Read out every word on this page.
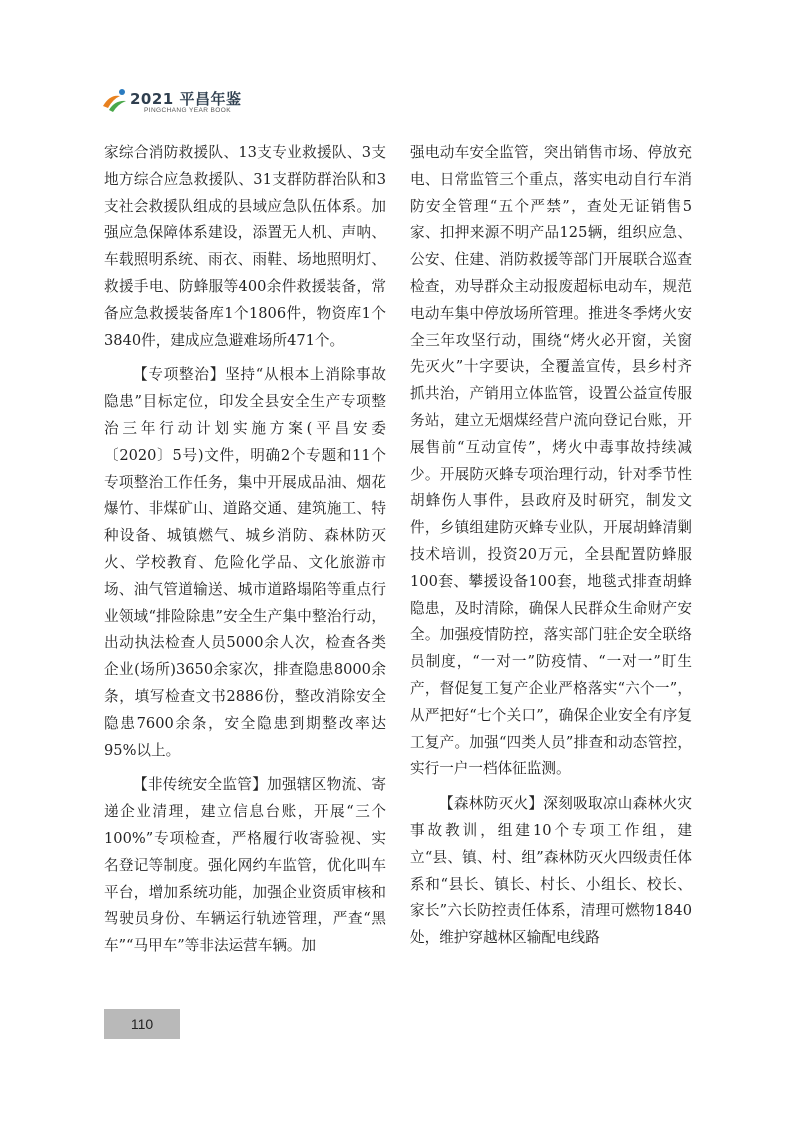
2021 平昌年鉴
PINGCHANG YEAR BOOK

家综合消防救援队、13支专业救援队、3支地方综合应急救援队、31支群防群治队和3支社会救援队组成的县域应急队伍体系。加强应急保障体系建设，添置无人机、声呐、车载照明系统、雨衣、雨鞋、场地照明灯、救援手电、防蜂服等400余件救援装备，常备应急救援装备库1个1806件，物资库1个3840件，建成应急避难场所471个。

【专项整治】坚持“从根本上消除事故隐患”目标定位，印发全县安全生产专项整治三年行动计划实施方案(平昌安委〔2020〕5号)文件，明确2个专题和11个专项整治工作任务，集中开展成品油、烟花爆竹、非煤矿山、道路交通、建筑施工、特种设备、城镇燃气、城乡消防、森林防灭火、学校教育、危险化学品、文化旅游市场、油气管道输送、城市道路塌陷等重点行业领域“排险除患”安全生产集中整治行动，出动执法检查人员5000余人次，检查各类企业(场所)3650余家次，排查隐患8000余条，填写检查文书2886份，整改消除安全隐患7600余条，安全隐患到期整改率达95%以上。

【非传统安全监管】加强辖区物流、寄递企业清理，建立信息台账，开展“三个100%”专项检查，严格履行收寄验视、实名登记等制度。强化网约车监管，优化叫车平台，增加系统功能，加强企业资质审核和驾驶员身份、车辆运行轨迹管理，严查“黑车”“马甲车”等非法运营车辆。加

强电动车安全监管，突出销售市场、停放充电、日常监管三个重点，落实电动自行车消防安全管理“五个严禁”，查处无证销售5家、扣押来源不明产品125辆，组织应急、公安、住建、消防救援等部门开展联合巡查检查，劝导群众主动报废超标电动车，规范电动车集中停放场所管理。推进冬季烤火安全三年攻坚行动，围绕“烤火必开窗，关窗先灭火”十字要诀，全覆盖宣传，县乡村齐抓共治，产销用立体监管，设置公益宣传服务站，建立无烟煤经营户流向登记台账，开展售前“互动宣传”，烤火中毒事故持续减少。开展防灭蜂专项治理行动，针对季节性胡蜂伤人事件，县政府及时研究，制发文件，乡镇组建防灭蜂专业队，开展胡蜂清剿技术培训，投资20万元，全县配置防蜂服100套、攀援设备100套，地毯式排查胡蜂隐患，及时清除，确保人民群众生命财产安全。加强疫情防控，落实部门驻企安全联络员制度，“一对一”防疫情、“一对一”盯生产，督促复工复产企业严格落实“六个一”，从严把好“七个关口”，确保企业安全有序复工复产。加强“四类人员”排查和动态管控，实行一户一档体征监测。

【森林防灭火】深刻吸取凉山森林火灾事故教训，组建10个专项工作组，建立“县、镇、村、组”森林防灭火四级责任体系和“县长、镇长、村长、小组长、校长、家长”六长防控责任体系，清理可燃物1840处，维护穿越林区输配电线路

110
